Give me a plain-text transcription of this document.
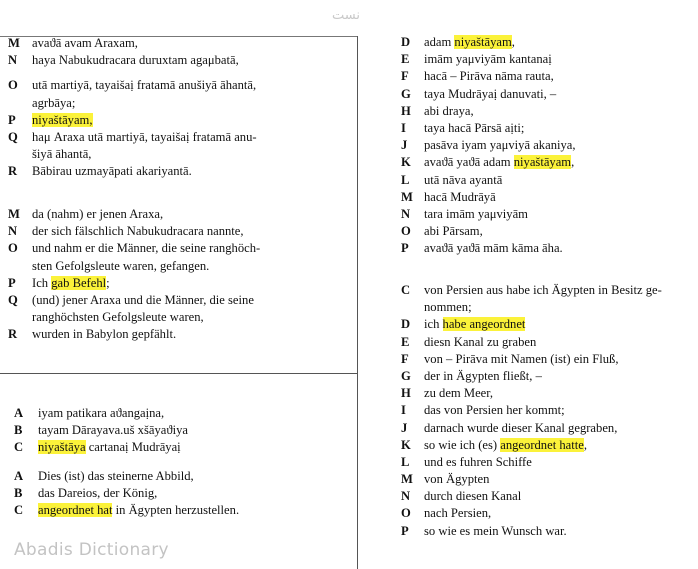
نست
M avaϑā avam Araxam,
N haya Nabukudracara duruxtam agaμbatā,
O utā martiyā, tayaišaị fratamā anušiyā āhantā,
agrbāya;
P niyaštāyam,
Q haμ Araxa utā martiyā, tayaišaị fratamā anu-
šiyā āhantā,
R Bābirau uzmayāpati akariyantā.
M da (nahm) er jenen Araxa,
N der sich fälschlich Nabukudracara nannte,
O und nahm er die Männer, die seine ranghöch-
sten Gefolgsleute waren, gefangen.
P Ich gab Befehl;
Q (und) jener Araxa und die Männer, die seine
ranghöchsten Gefolgsleute waren,
R wurden in Babylon gepfählt.
A iyam patikara aϑangaịna,
B tayam Dārayava.uš xšāyaϑiya
C niyaštāya cartanaị Mudrāyaị
A Dies (ist) das steinerne Abbild,
B das Dareios, der König,
C angeordnet hat in Ägypten herzustellen.
D adam niyaštāyam,
E imām yaμviyām kantanaị
F hacā – Pirāva nāma rauta,
G taya Mudrāyaị danuvati, –
H abi draya,
I taya hacā Pārsā aịti;
J pasāva iyam yaμviyā akaniya,
K avaϑā yaϑā adam niyaštāyam,
L utā nāva ayantā
M hacā Mudrāyā
N tara imām yaμviyām
O abi Pārsam,
P avaϑā yaϑā mām kāma āha.
C von Persien aus habe ich Ägypten in Besitz ge-
nommen;
D ich habe angeordnet
E diesn Kanal zu graben
F von – Pirāva mit Namen (ist) ein Fluß,
G der in Ägypten fließt, –
H zu dem Meer,
I das von Persien her kommt;
J darnach wurde dieser Kanal gegraben,
K so wie ich (es) angeordnet hatte,
L und es fuhren Schiffe
M von Ägypten
N durch diesen Kanal
O nach Persien,
P so wie es mein Wunsch war.
Abadis Dictionary
